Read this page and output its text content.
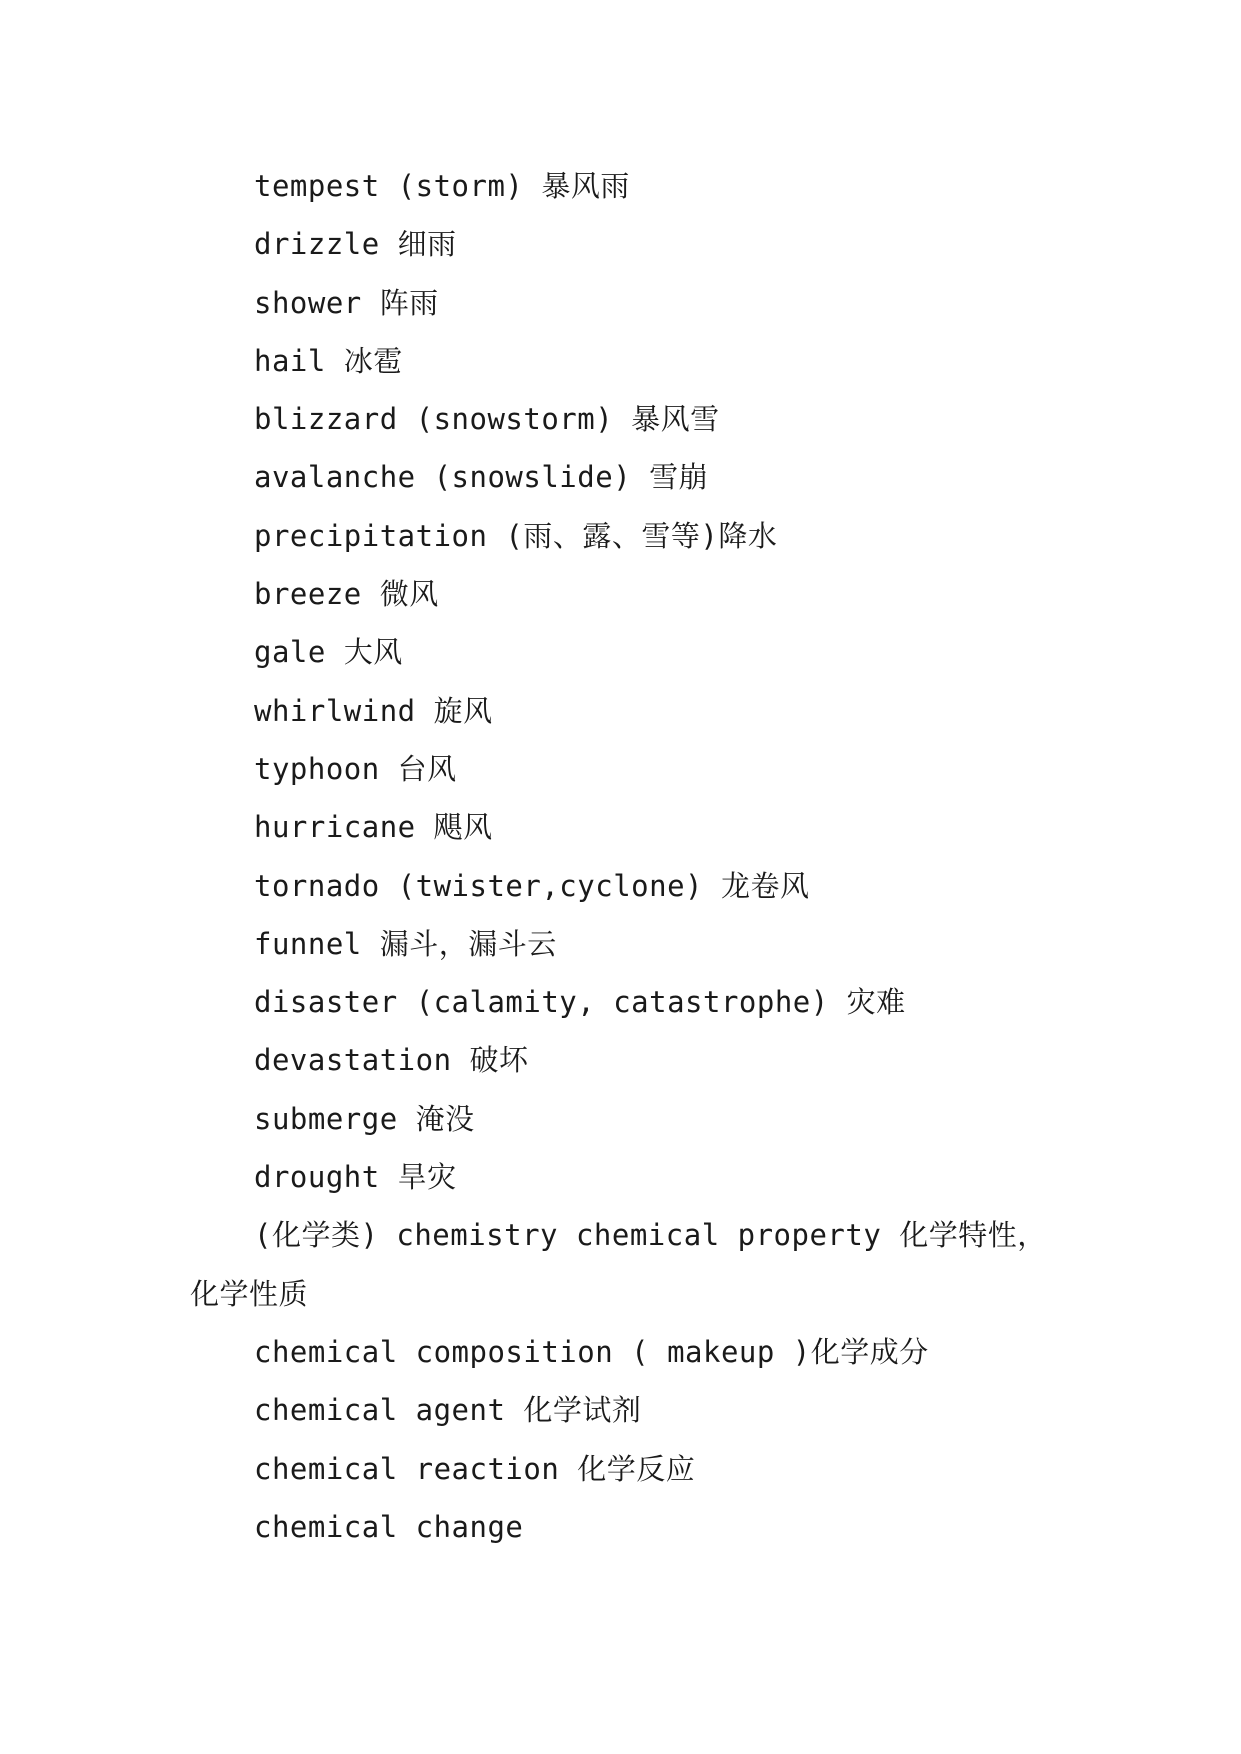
tempest (storm) 暴风雨

drizzle 细雨

shower 阵雨

hail 冰雹

blizzard (snowstorm) 暴风雪

avalanche (snowslide) 雪崩

precipitation (雨、露、雪等)降水

breeze 微风

gale 大风

whirlwind 旋风

typhoon 台风

hurricane 飓风

tornado (twister,cyclone) 龙卷风

funnel 漏斗，漏斗云

disaster (calamity, catastrophe) 灾难

devastation 破坏

submerge 淹没

drought 旱灾

(化学类) chemistry chemical property 化学特性，化学性质

chemical composition ( makeup )化学成分

chemical agent 化学试剂

chemical reaction 化学反应

chemical change
